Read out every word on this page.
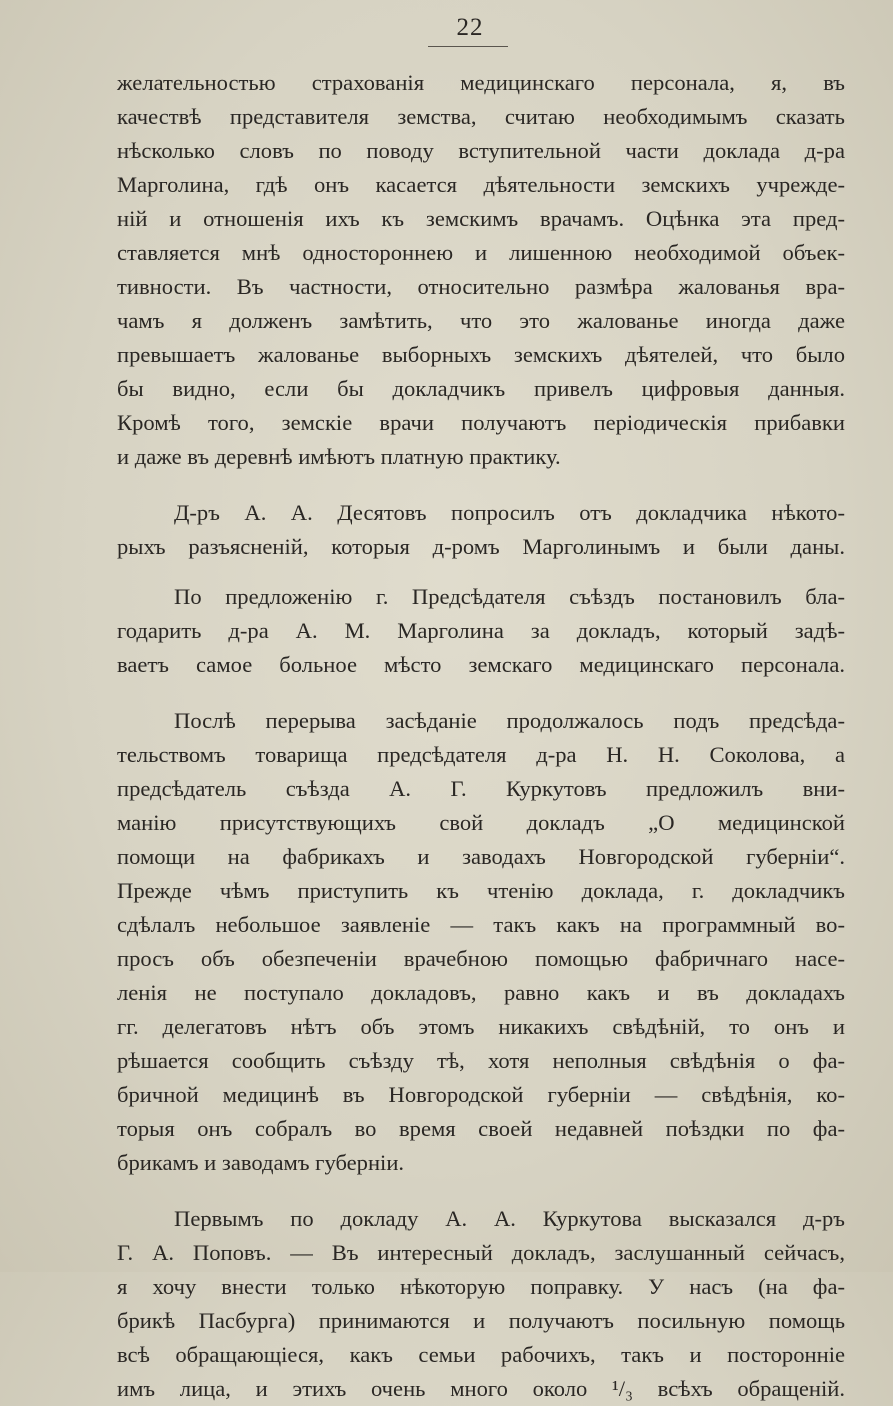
22
желательностью страхованія медицинскаго персонала, я, въ
качествѣ представителя земства, считаю необходимымъ сказать
нѣсколько словъ по поводу вступительной части доклада д-ра
Марголина, гдѣ онъ касается дѣятельности земскихъ учрежде-
ній и отношенія ихъ къ земскимъ врачамъ. Оцѣнка эта пред-
ставляется мнѣ одностороннею и лишенною необходимой объек-
тивности. Въ частности, относительно размѣра жалованья вра-
чамъ я долженъ замѣтить, что это жалованье иногда даже
превышаетъ жалованье выборныхъ земскихъ дѣятелей, что было
бы видно, если бы докладчикъ привелъ цифровыя данныя.
Кромѣ того, земскіе врачи получаютъ періодическія прибавки
и даже въ деревнѣ имѣютъ платную практику.
Д-ръ А. А. Десятовъ попросилъ отъ докладчика нѣкото-
рыхъ разъясненій, которыя д-ромъ Марголинымъ и были даны.
По предложенію г. Предсѣдателя съѣздъ постановилъ бла-
годарить д-ра А. М. Марголина за докладъ, который задѣ-
ваетъ самое больное мѣсто земскаго медицинскаго персонала.
Послѣ перерыва засѣданіе продолжалось подъ предсѣда-
тельствомъ товарища предсѣдателя д-ра Н. Н. Соколова, а
предсѣдатель съѣзда А. Г. Куркутовъ предложилъ вни-
манію присутствующихъ свой докладъ „О медицинской
помощи на фабрикахъ и заводахъ Новгородской губерніи“.
Прежде чѣмъ приступить къ чтенію доклада, г. докладчикъ
сдѣлалъ небольшое заявленіе — такъ какъ на программный во-
просъ объ обезпеченіи врачебною помощью фабричнаго насе-
ленія не поступало докладовъ, равно какъ и въ докладахъ
гг. делегатовъ нѣтъ объ этомъ никакихъ свѣдѣній, то онъ и
рѣшается сообщить съѣзду тѣ, хотя неполныя свѣдѣнія о фа-
бричной медицинѣ въ Новгородской губерніи — свѣдѣнія, ко-
торыя онъ собралъ во время своей недавней поѣздки по фа-
брикамъ и заводамъ губерніи.
Первымъ по докладу А. А. Куркутова высказался д-ръ
Г. А. Поповъ. — Въ интересный докладъ, заслушанный сейчасъ,
я хочу внести только нѣкоторую поправку. У насъ (на фа-
брикѣ Пасбурга) принимаются и получаютъ посильную помощь
всѣ обращающіеся, какъ семьи рабочихъ, такъ и посторонніе
имъ лица, и этихъ очень много около ¹/₃ всѣхъ обращеній.
